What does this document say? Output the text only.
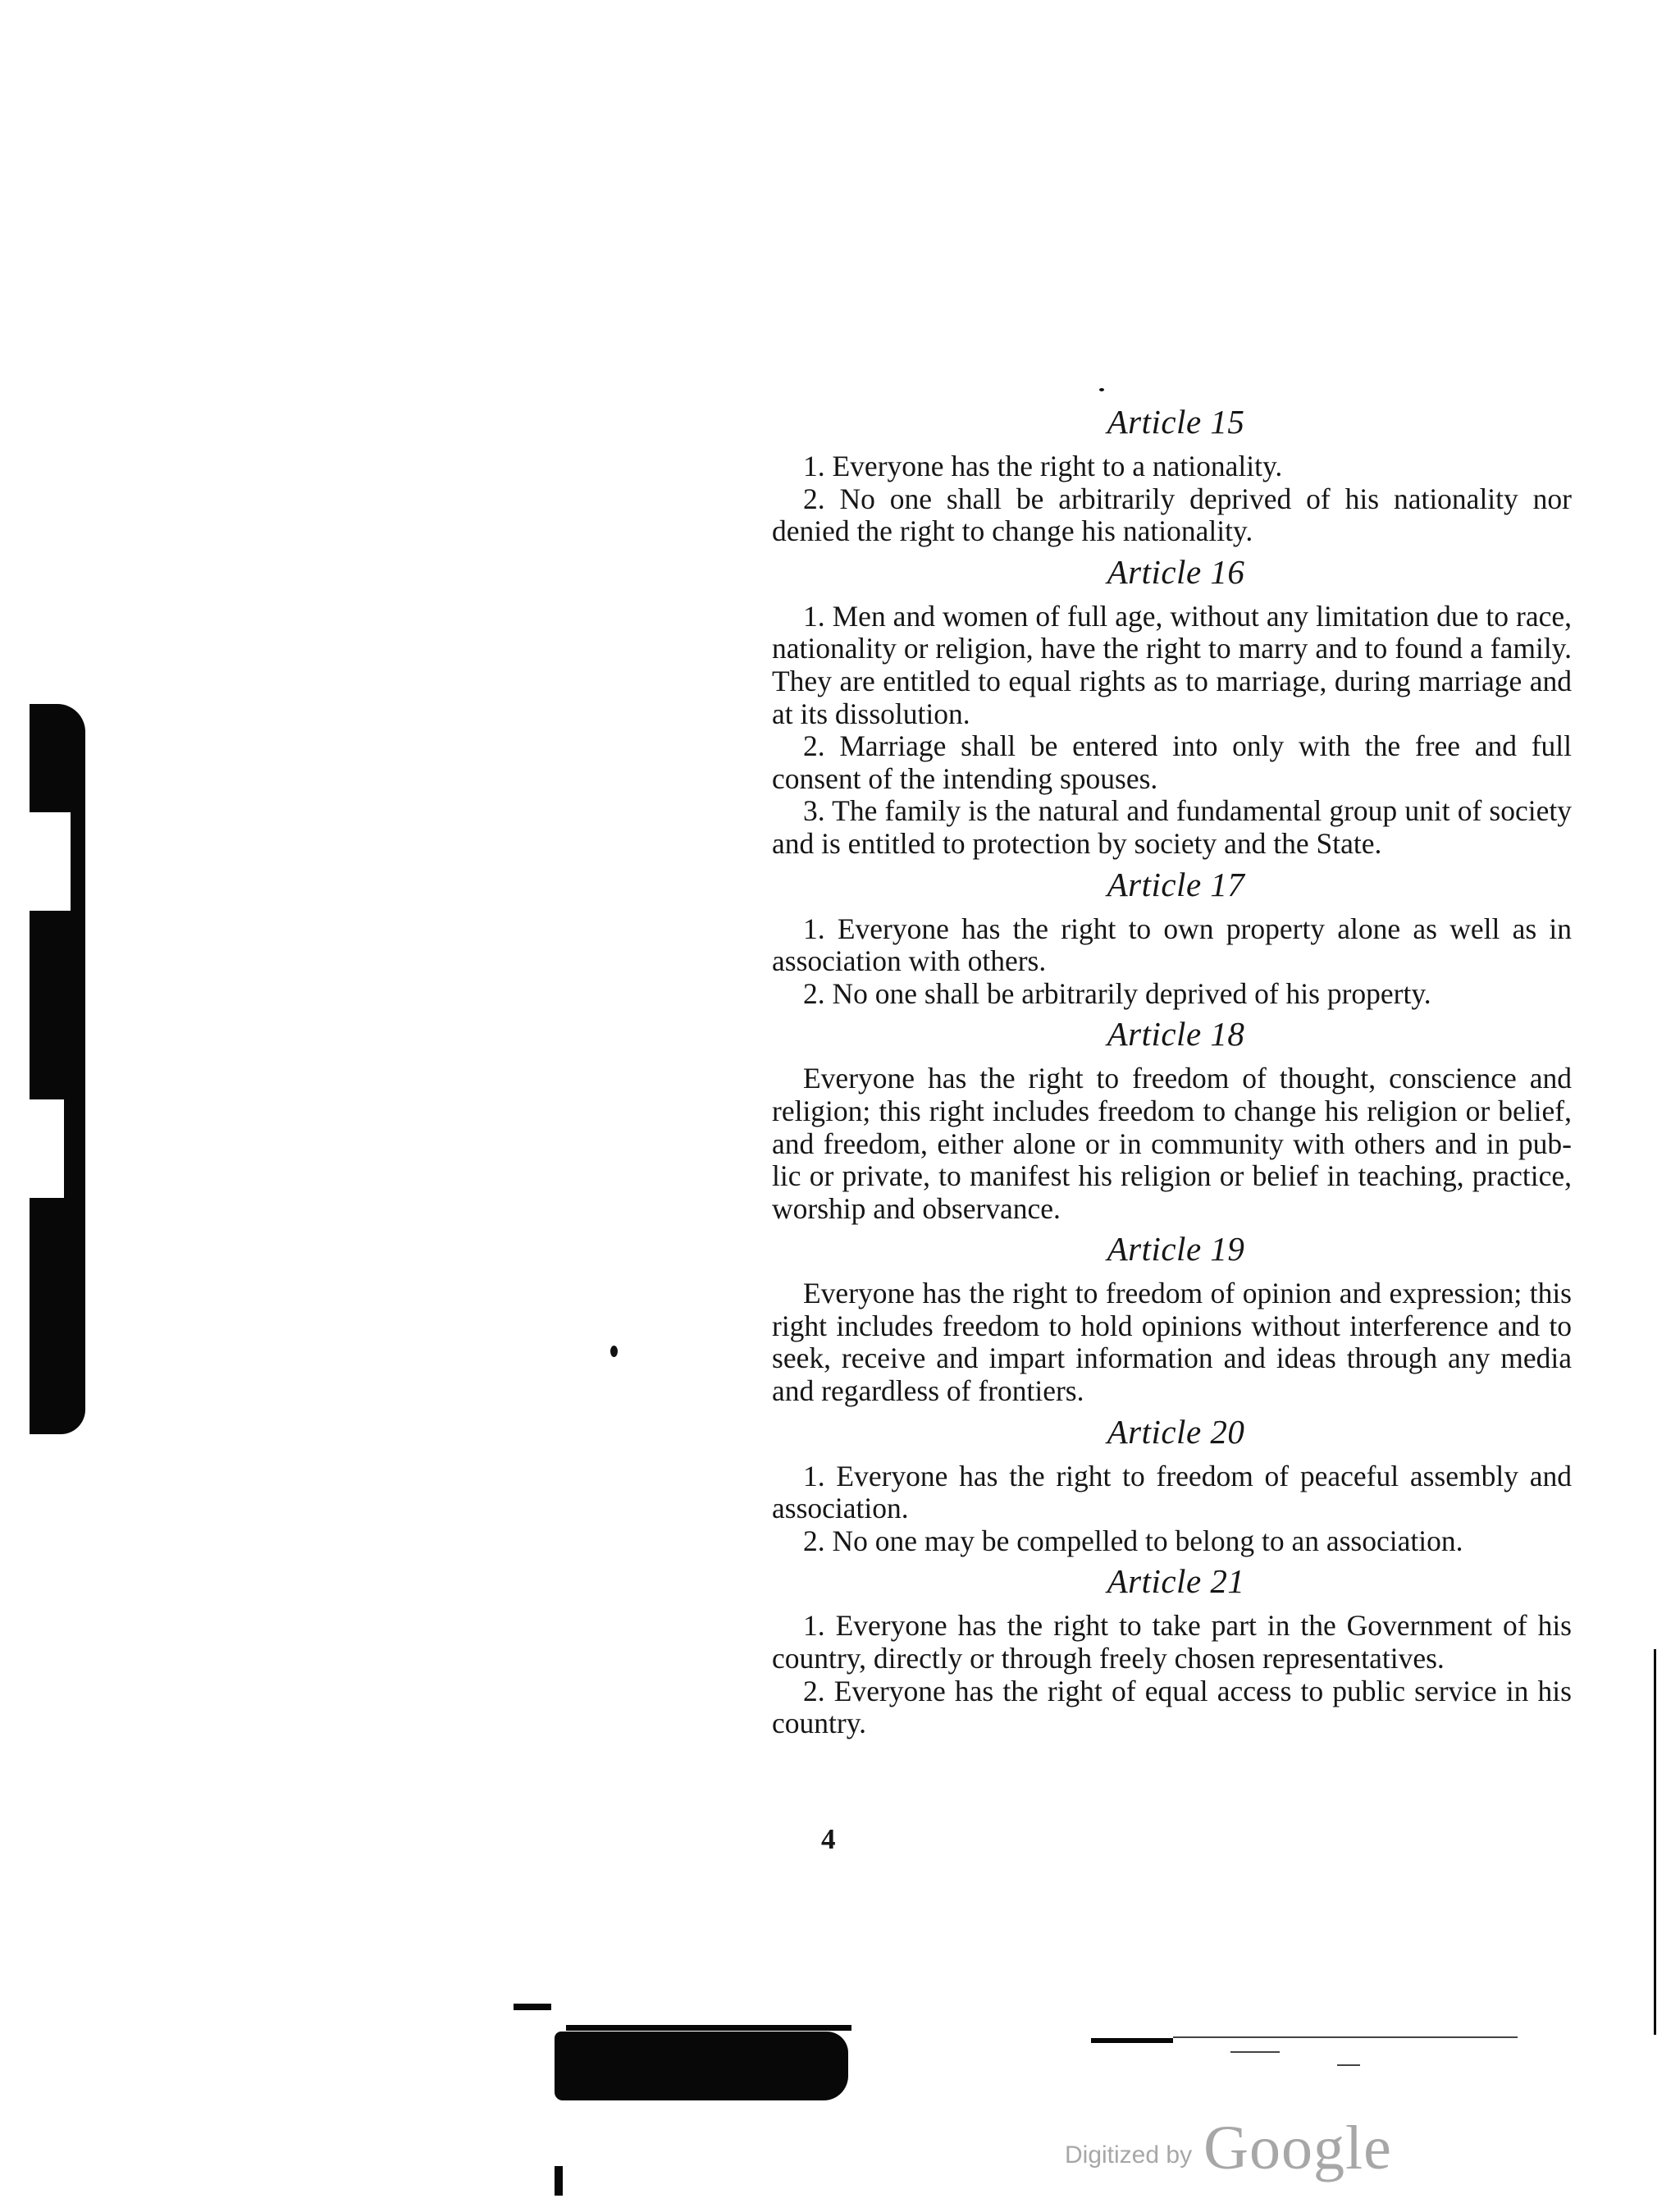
Article 15

1. Everyone has the right to a nationality.

2. No one shall be arbitrarily deprived of his nationality nor denied the right to change his nationality.

Article 16

1. Men and women of full age, without any limitation due to race, nationality or religion, have the right to marry and to found a family. They are entitled to equal rights as to marriage, during marriage and at its dissolution.

2. Marriage shall be entered into only with the free and full consent of the intending spouses.

3. The family is the natural and fundamental group unit of society and is entitled to protection by society and the State.

Article 17

1. Everyone has the right to own property alone as well as in association with others.

2. No one shall be arbitrarily deprived of his property.

Article 18

Everyone has the right to freedom of thought, conscience and religion; this right includes freedom to change his religion or belief, and freedom, either alone or in community with others and in pub-lic or private, to manifest his religion or belief in teaching, practice, worship and observance.

Article 19

Everyone has the right to freedom of opinion and expression; this right includes freedom to hold opinions without interference and to seek, receive and impart information and ideas through any media and regardless of frontiers.

Article 20

1. Everyone has the right to freedom of peaceful assembly and association.

2. No one may be compelled to belong to an association.

Article 21

1. Everyone has the right to take part in the Government of his country, directly or through freely chosen representatives.

2. Everyone has the right of equal access to public service in his country.

4
Digitized by Google
